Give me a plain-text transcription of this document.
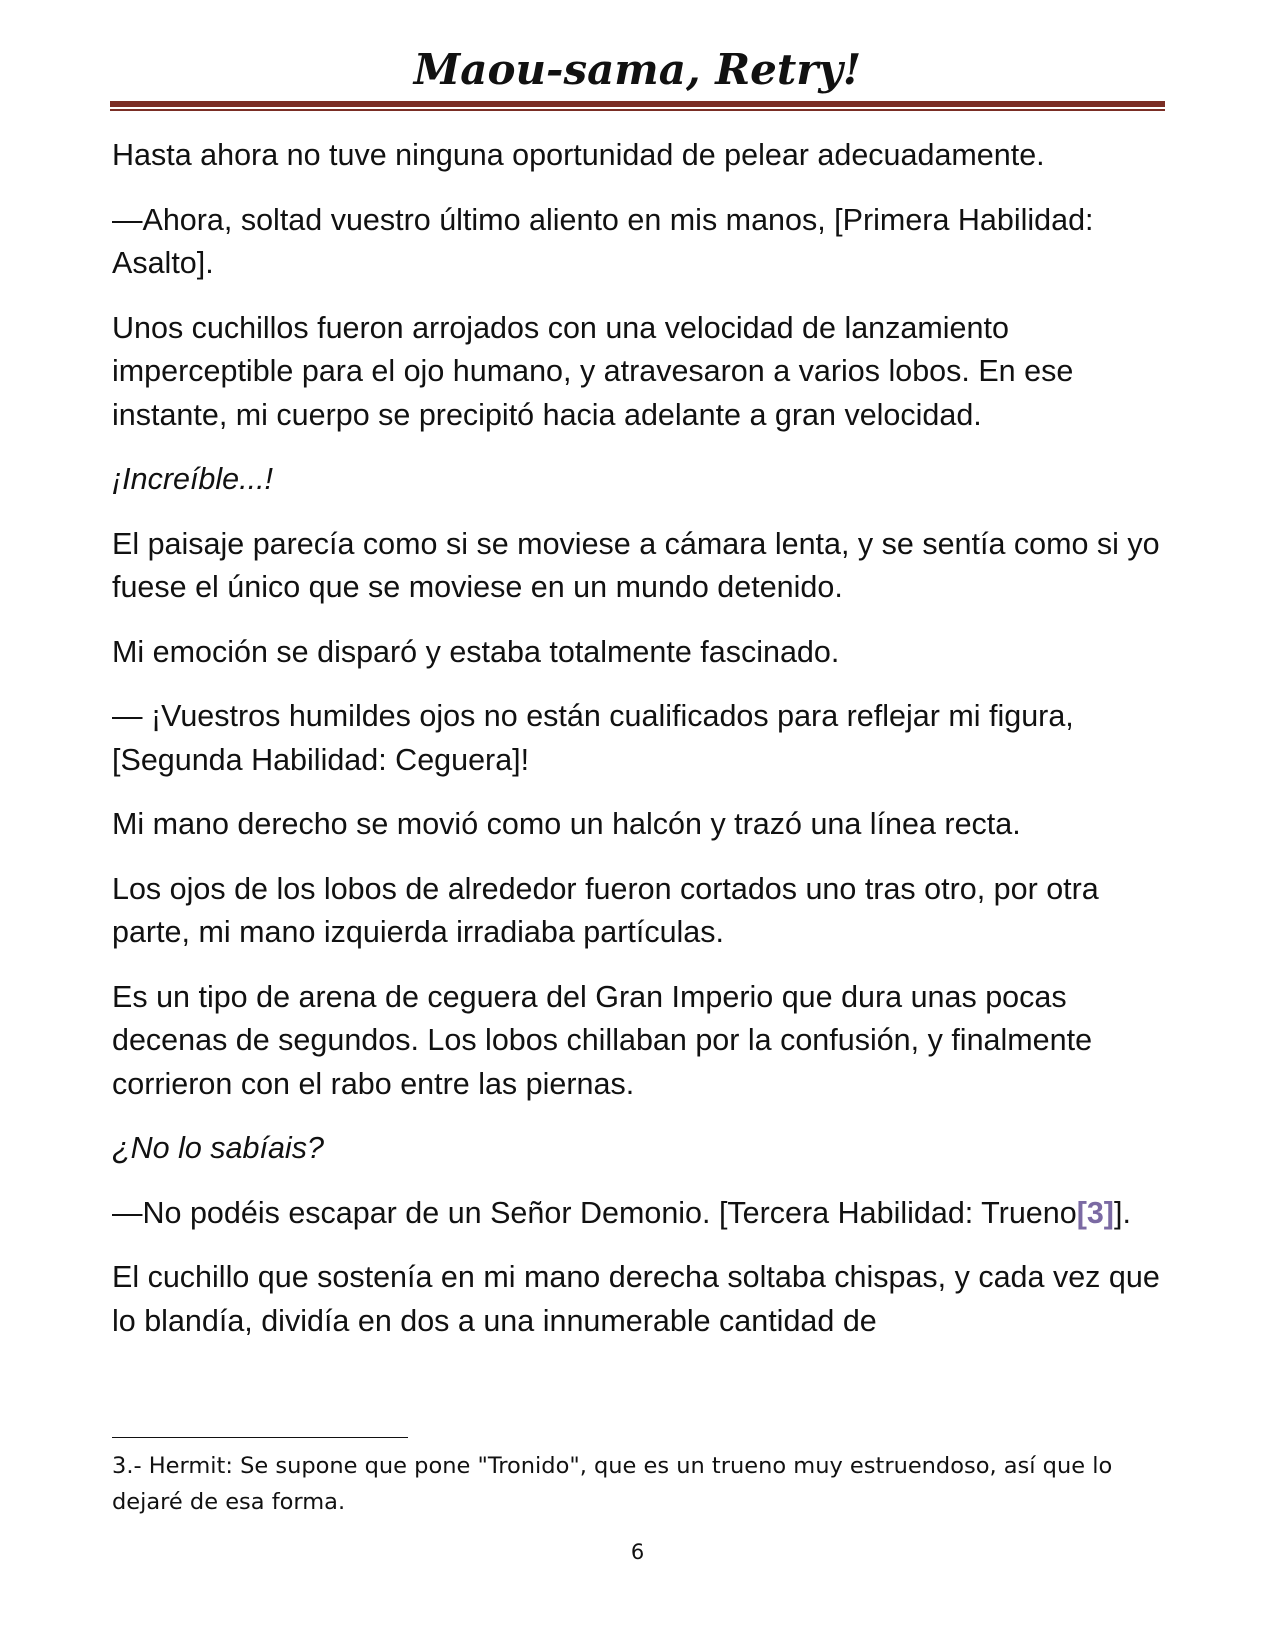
Maou-sama, Retry!

Hasta ahora no tuve ninguna oportunidad de pelear adecuadamente.

—Ahora, soltad vuestro último aliento en mis manos, [Primera Habilidad: Asalto].

Unos cuchillos fueron arrojados con una velocidad de lanzamiento imperceptible para el ojo humano, y atravesaron a varios lobos. En ese instante, mi cuerpo se precipitó hacia adelante a gran velocidad.

¡Increíble...!

El paisaje parecía como si se moviese a cámara lenta, y se sentía como si yo fuese el único que se moviese en un mundo detenido.

Mi emoción se disparó y estaba totalmente fascinado.

— ¡Vuestros humildes ojos no están cualificados para reflejar mi figura, [Segunda Habilidad: Ceguera]!

Mi mano derecho se movió como un halcón y trazó una línea recta.

Los ojos de los lobos de alrededor fueron cortados uno tras otro, por otra parte, mi mano izquierda irradiaba partículas.

Es un tipo de arena de ceguera del Gran Imperio que dura unas pocas decenas de segundos. Los lobos chillaban por la confusión, y finalmente corrieron con el rabo entre las piernas.

¿No lo sabíais?

—No podéis escapar de un Señor Demonio. [Tercera Habilidad: Trueno[3]].

El cuchillo que sostenía en mi mano derecha soltaba chispas, y cada vez que lo blandía, dividía en dos a una innumerable cantidad de

3.- Hermit: Se supone que pone "Tronido", que es un trueno muy estruendoso, así que lo dejaré de esa forma.
6
